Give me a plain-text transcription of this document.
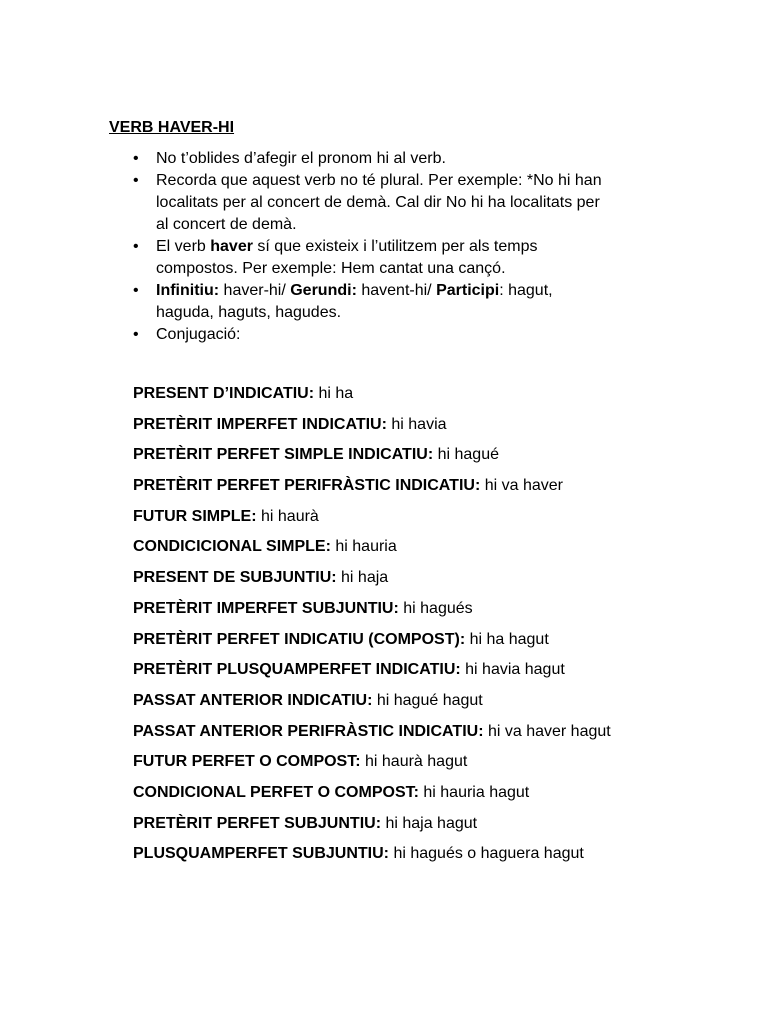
VERB HAVER-HI
• No t’oblides d’afegir el pronom hi al verb.
• Recorda que aquest verb no té plural. Per exemple: *No hi han localitats per al concert de demà. Cal dir No hi ha localitats per al concert de demà.
• El verb haver sí que existeix i l’utilitzem per als temps compostos. Per exemple: Hem cantat una cançó.
• Infinitiu: haver-hi/ Gerundi: havent-hi/ Participi: hagut, haguda, haguts, hagudes.
• Conjugació:
PRESENT D’INDICATIU: hi ha
PRETÈRIT IMPERFET INDICATIU: hi havia
PRETÈRIT PERFET SIMPLE INDICATIU: hi hagué
PRETÈRIT PERFET PERIFRÀSTIC INDICATIU: hi va haver
FUTUR SIMPLE: hi haurà
CONDICICIONAL SIMPLE: hi hauria
PRESENT DE SUBJUNTIU: hi haja
PRETÈRIT IMPERFET SUBJUNTIU: hi hagués
PRETÈRIT PERFET INDICATIU (COMPOST): hi ha hagut
PRETÈRIT PLUSQUAMPERFET INDICATIU: hi havia hagut
PASSAT ANTERIOR INDICATIU: hi hagué hagut
PASSAT ANTERIOR PERIFRÀSTIC INDICATIU: hi va haver hagut
FUTUR PERFET O COMPOST: hi haurà hagut
CONDICIONAL PERFET O COMPOST: hi hauria hagut
PRETÈRIT PERFET SUBJUNTIU: hi haja hagut
PLUSQUAMPERFET SUBJUNTIU: hi hagués o haguera hagut
